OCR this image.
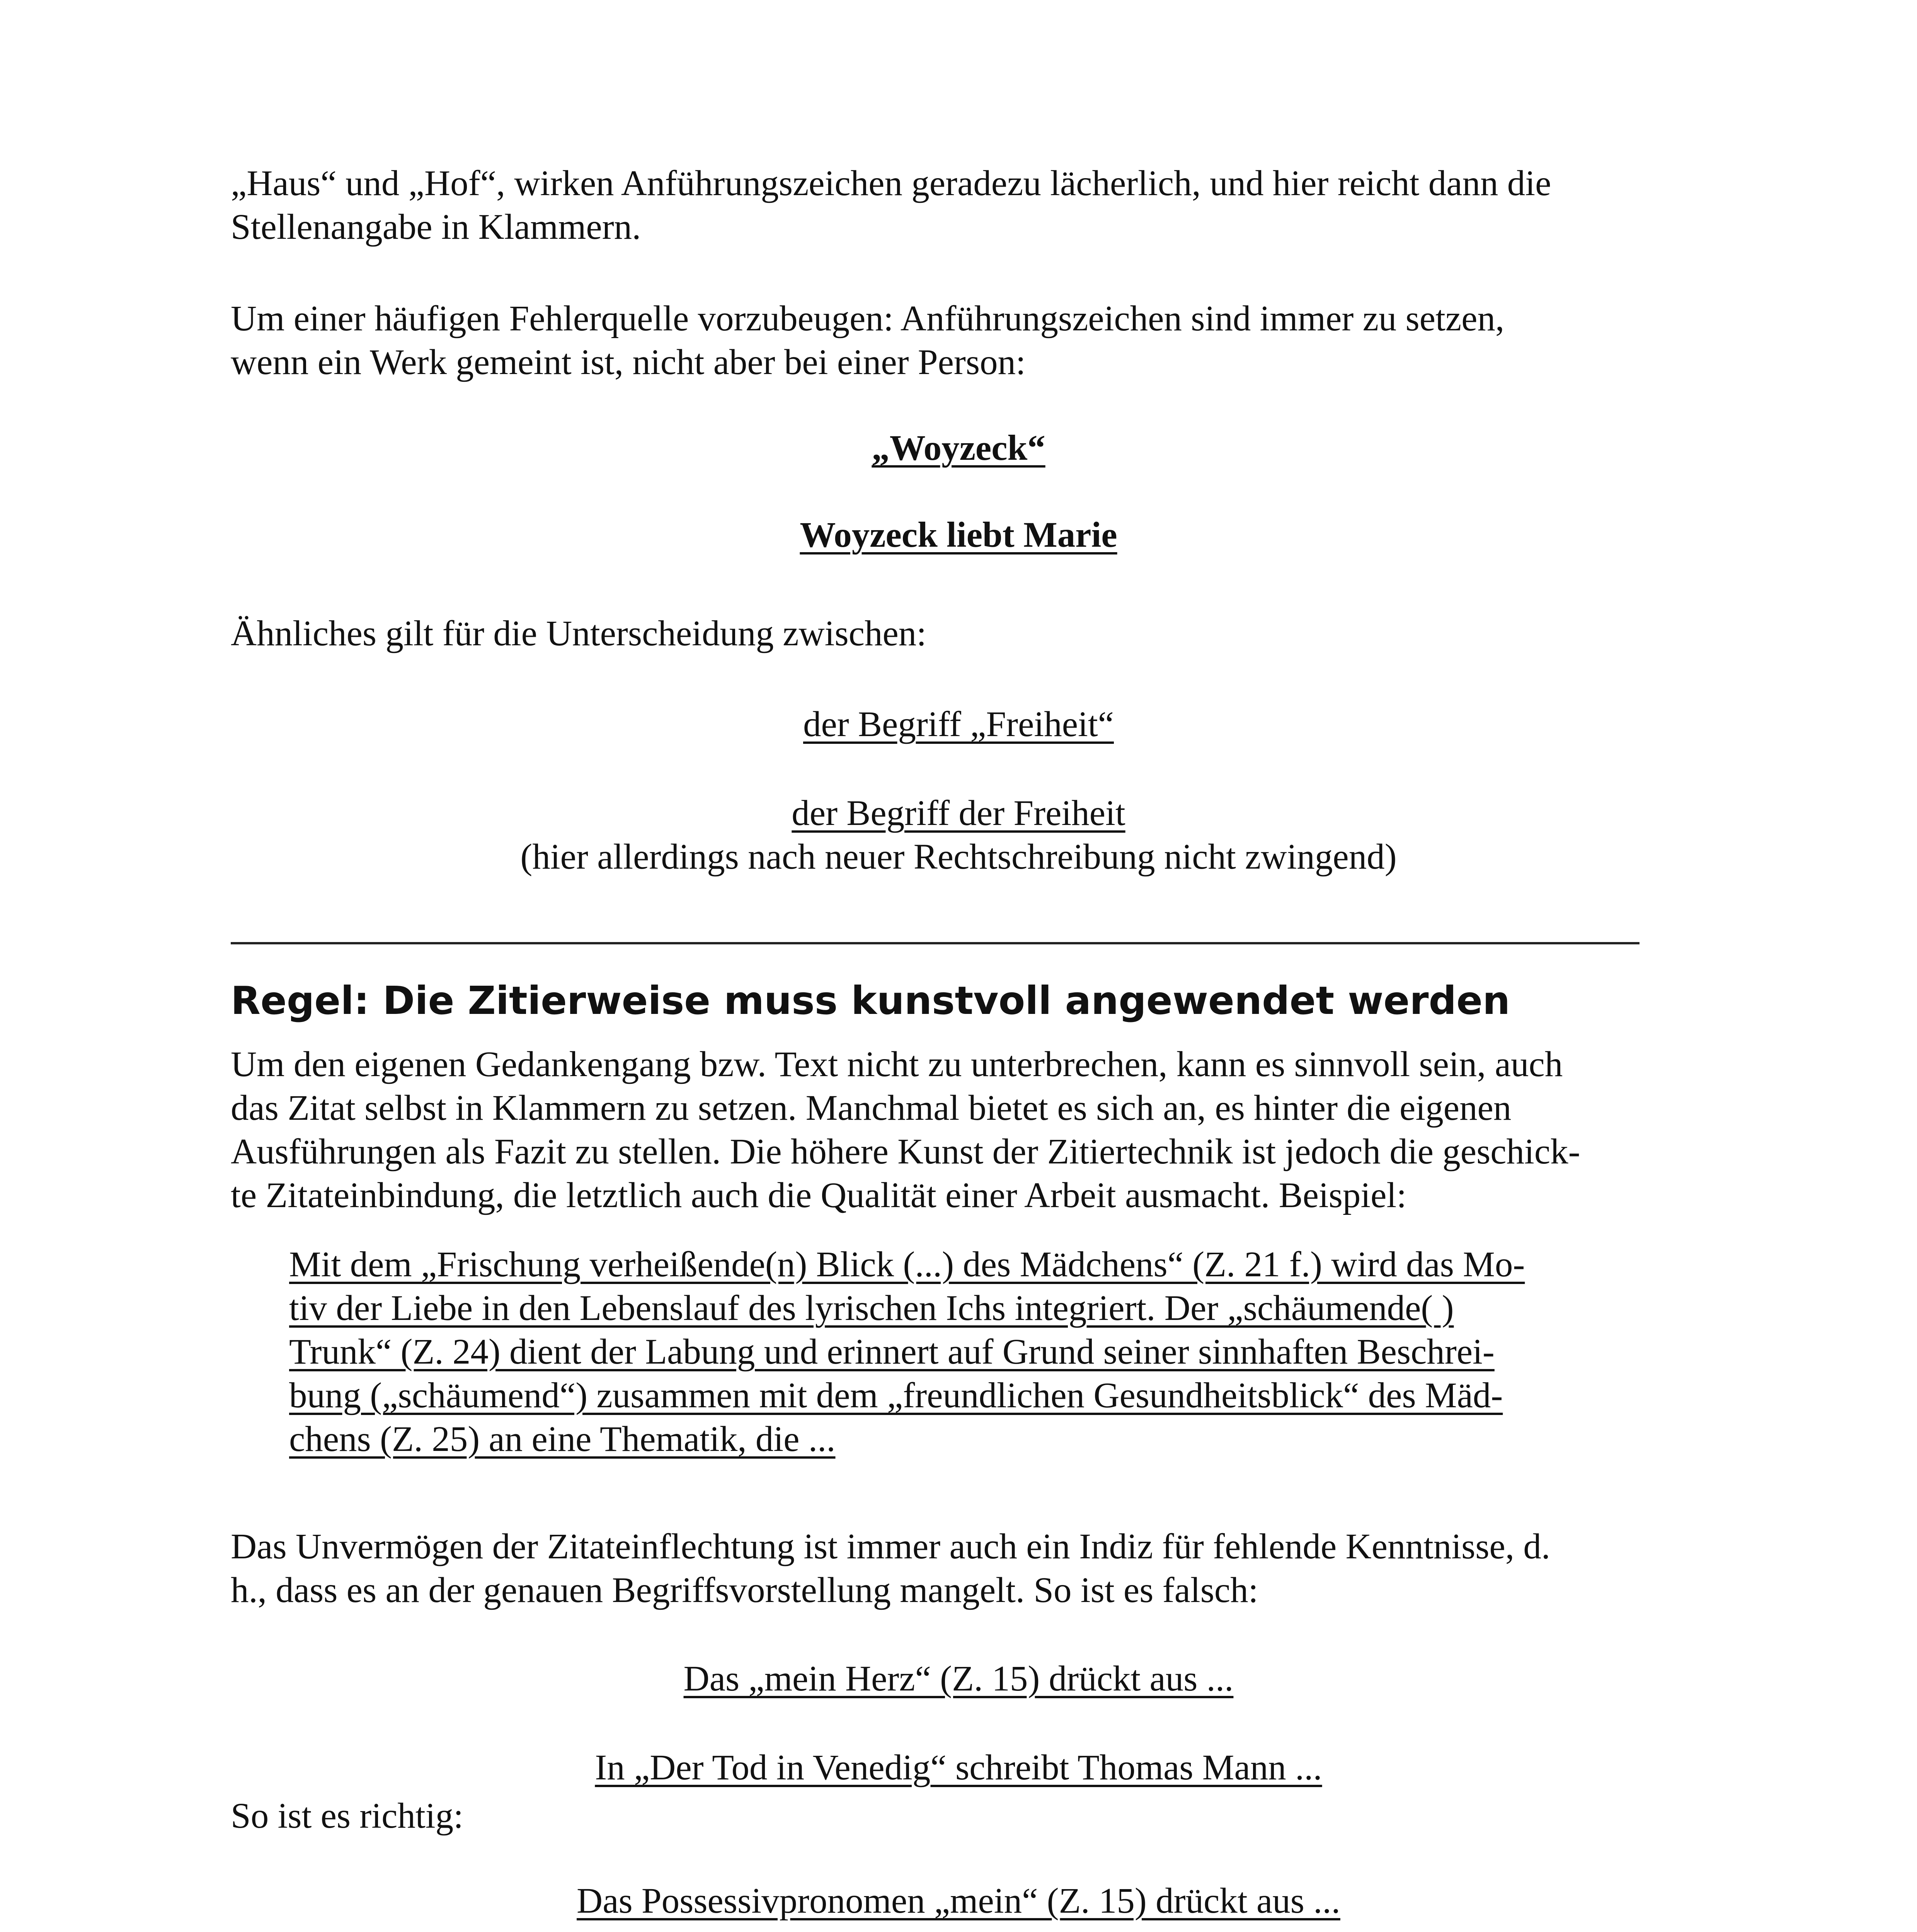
„Haus“ und „Hof“, wirken Anführungszeichen geradezu lächerlich, und hier reicht dann die

Stellenangabe in Klammern.

Um einer häufigen Fehlerquelle vorzubeugen: Anführungszeichen sind immer zu setzen,

wenn ein Werk gemeint ist, nicht aber bei einer Person:

„Woyzeck“

Woyzeck liebt Marie

Ähnliches gilt für die Unterscheidung zwischen:

der Begriff „Freiheit“

der Begriff der Freiheit

(hier allerdings nach neuer Rechtschreibung nicht zwingend)

Regel: Die Zitierweise muss kunstvoll angewendet werden

Um den eigenen Gedankengang bzw. Text nicht zu unterbrechen, kann es sinnvoll sein, auch

das Zitat selbst in Klammern zu setzen. Manchmal bietet es sich an, es hinter die eigenen

Ausführungen als Fazit zu stellen. Die höhere Kunst der Zitiertechnik ist jedoch die geschick-

te Zitateinbindung, die letztlich auch die Qualität einer Arbeit ausmacht. Beispiel:

Mit dem „Frischung verheißende(n) Blick (...) des Mädchens“ (Z. 21 f.) wird das Mo-

tiv der Liebe in den Lebenslauf des lyrischen Ichs integriert. Der „schäumende( )

Trunk“ (Z. 24) dient der Labung und erinnert auf Grund seiner sinnhaften Beschrei-

bung („schäumend“) zusammen mit dem „freundlichen Gesundheitsblick“ des Mäd-

chens (Z. 25) an eine Thematik, die ...

Das Unvermögen der Zitateinflechtung ist immer auch ein Indiz für fehlende Kenntnisse, d.

h., dass es an der genauen Begriffsvorstellung mangelt. So ist es falsch:

Das „mein Herz“ (Z. 15) drückt aus ...

In „Der Tod in Venedig“ schreibt Thomas Mann ...

So ist es richtig:

Das Possessivpronomen „mein“ (Z. 15) drückt aus ...
